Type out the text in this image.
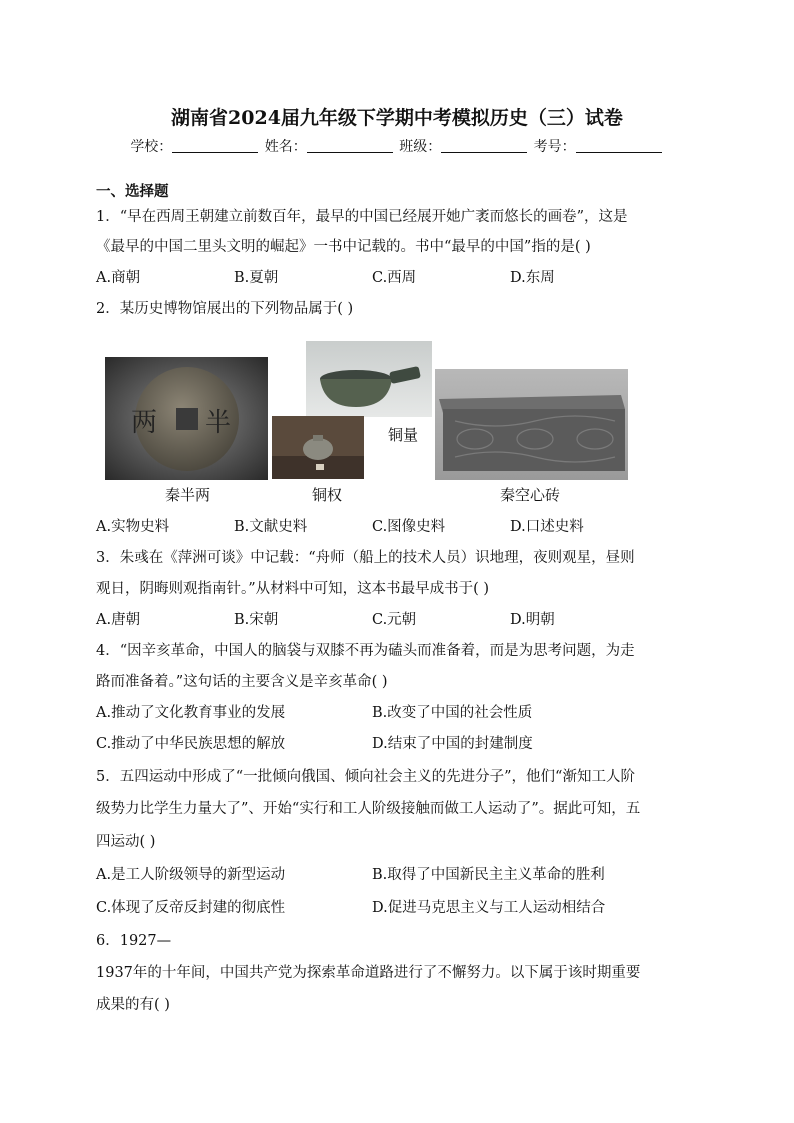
湖南省2024届九年级下学期中考模拟历史（三）试卷
学校：	姓名：	班级：	考号：
一、选择题
1．“早在西周王朝建立前数百年，最早的中国已经展开她广袤而悠长的画卷”，这是
《最早的中国二里头文明的崛起》一书中记载的。书中“最早的中国”指的是( )
A.商朝	B.夏朝	C.西周	D.东周
2．某历史博物馆展出的下列物品属于( )
两 半
秦半两
铜量
铜权	秦空心砖
A.实物史料	B.文献史料	C.图像史料	D.口述史料
3．朱彧在《萍洲可谈》中记载：“舟师（船上的技术人员）识地理，夜则观星，昼则
观日，阴晦则观指南针。”从材料中可知，这本书最早成书于( )
A.唐朝	B.宋朝	C.元朝	D.明朝
4．“因辛亥革命，中国人的脑袋与双膝不再为磕头而准备着，而是为思考问题，为走
路而准备着。”这句话的主要含义是辛亥革命( )
A.推动了文化教育事业的发展	B.改变了中国的社会性质
C.推动了中华民族思想的解放	D.结束了中国的封建制度
5．五四运动中形成了“一批倾向俄国、倾向社会主义的先进分子”，他们“渐知工人阶
级势力比学生力量大了”、开始“实行和工人阶级接触而做工人运动了”。据此可知，五
四运动( )
A.是工人阶级领导的新型运动	B.取得了中国新民主主义革命的胜利
C.体现了反帝反封建的彻底性	D.促进马克思主义与工人运动相结合
6．1927—
1937年的十年间，中国共产党为探索革命道路进行了不懈努力。以下属于该时期重要
成果的有( )
